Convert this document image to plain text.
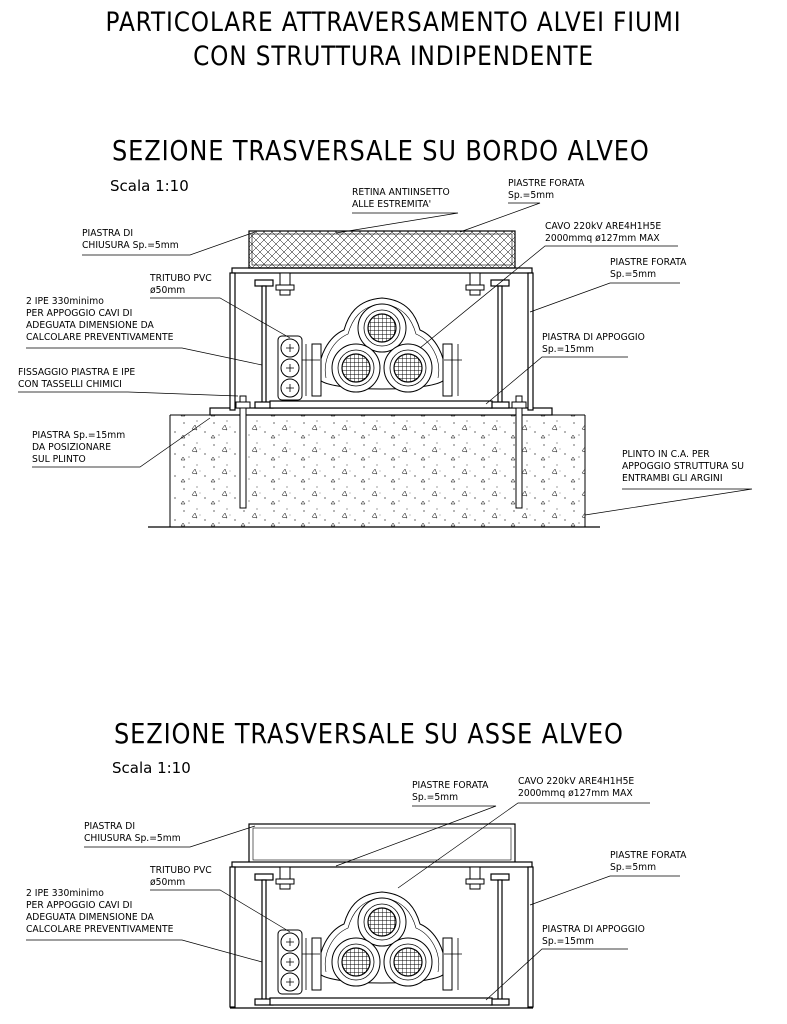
PARTICOLARE ATTRAVERSAMENTO ALVEI FIUMI
CON STRUTTURA INDIPENDENTE
SEZIONE TRASVERSALE SU BORDO ALVEO
Scala 1:10	RETINA ANTIINSETTO
ALLE ESTREMITA'
PIASTRE FORATA
Sp.=5mm
PIASTRA DI
CHIUSURA Sp.=5mm
CAVO 220kV ARE4H1H5E
2000mmq ø127mm MAX
PIASTRE FORATA
Sp.=5mm
TRITUBO PVC
ø50mm
2 IPE 330minimo
PER APPOGGIO CAVI DI
ADEGUATA DIMENSIONE DA
CALCOLARE PREVENTIVAMENTE	PIASTRA DI APPOGGIO
Sp.=15mm
FISSAGGIO PIASTRA E IPE
CON TASSELLI CHIMICI
PIASTRA Sp.=15mm
DA POSIZIONARE
SUL PLINTO	PLINTO IN C.A. PER
APPOGGIO STRUTTURA SU
ENTRAMBI GLI ARGINI
SEZIONE TRASVERSALE SU ASSE ALVEO
Scala 1:10
PIASTRE FORATA
Sp.=5mm
CAVO 220kV ARE4H1H5E
2000mmq ø127mm MAX
PIASTRA DI
CHIUSURA Sp.=5mm
PIASTRE FORATA
Sp.=5mm
TRITUBO PVC
ø50mm
2 IPE 330minimo
PER APPOGGIO CAVI DI
ADEGUATA DIMENSIONE DA
CALCOLARE PREVENTIVAMENTE	PIASTRA DI APPOGGIO
Sp.=15mm
